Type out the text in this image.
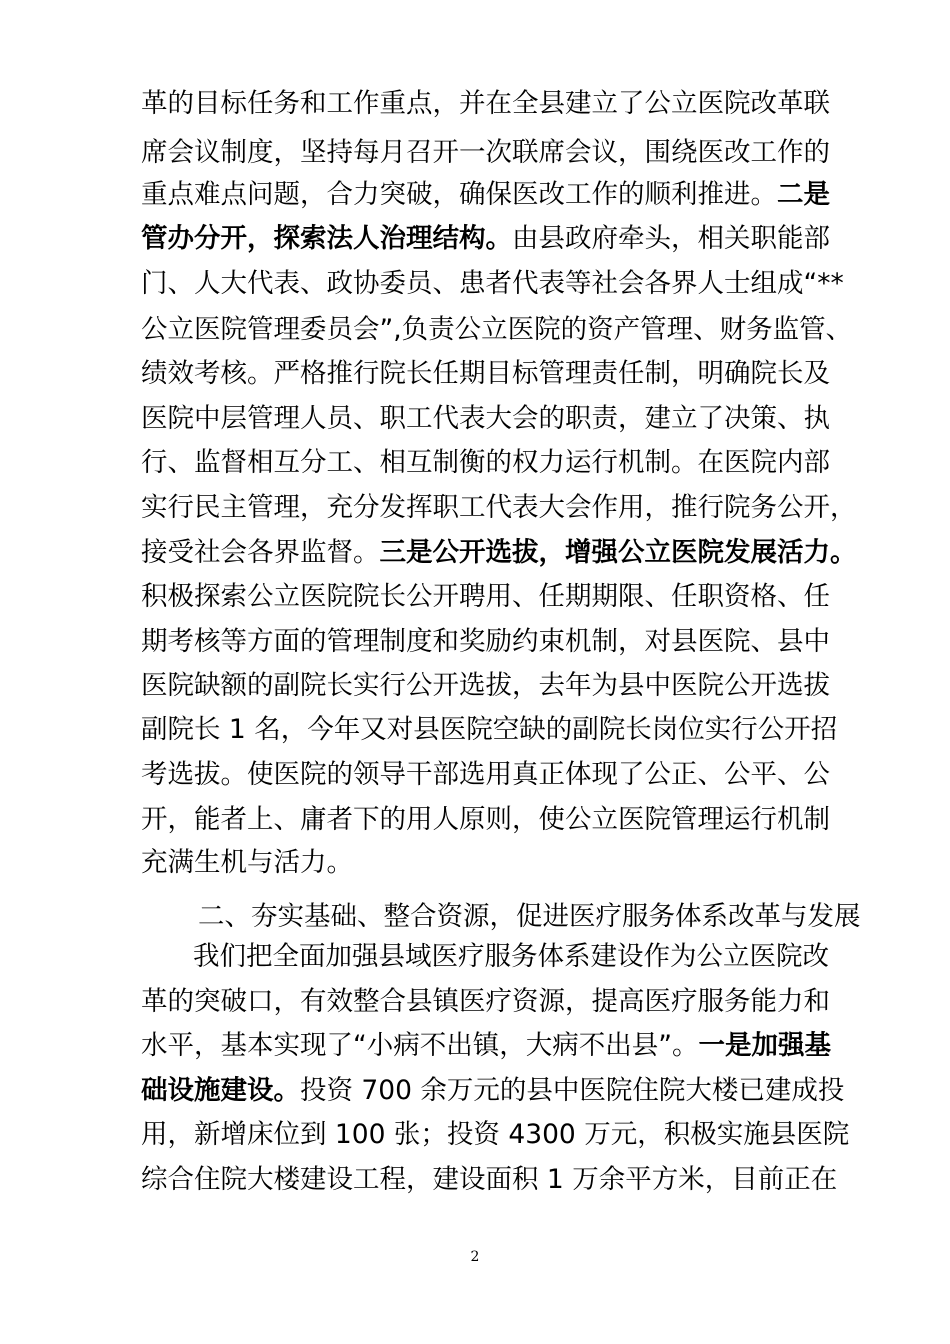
革的目标任务和工作重点，并在全县建立了公立医院改革联
席会议制度，坚持每月召开一次联席会议，围绕医改工作的
重点难点问题，合力突破，确保医改工作的顺利推进。二是
管办分开，探索法人治理结构。由县政府牵头，相关职能部
门、人大代表、政协委员、患者代表等社会各界人士组成“**
公立医院管理委员会”,负责公立医院的资产管理、财务监管、
绩效考核。严格推行院长任期目标管理责任制，明确院长及
医院中层管理人员、职工代表大会的职责，建立了决策、执
行、监督相互分工、相互制衡的权力运行机制。在医院内部
实行民主管理，充分发挥职工代表大会作用，推行院务公开，
接受社会各界监督。三是公开选拔，增强公立医院发展活力。
积极探索公立医院院长公开聘用、任期期限、任职资格、任
期考核等方面的管理制度和奖励约束机制，对县医院、县中
医院缺额的副院长实行公开选拔，去年为县中医院公开选拔
副院长 1 名，今年又对县医院空缺的副院长岗位实行公开招
考选拔。使医院的领导干部选用真正体现了公正、公平、公
开，能者上、庸者下的用人原则，使公立医院管理运行机制
充满生机与活力。
二、夯实基础、整合资源，促进医疗服务体系改革与发展
我们把全面加强县域医疗服务体系建设作为公立医院改
革的突破口，有效整合县镇医疗资源，提高医疗服务能力和
水平，基本实现了“小病不出镇，大病不出县”。一是加强基
础设施建设。投资 700 余万元的县中医院住院大楼已建成投
用，新增床位到 100 张；投资 4300 万元，积极实施县医院
综合住院大楼建设工程，建设面积 1 万余平方米，目前正在
2
